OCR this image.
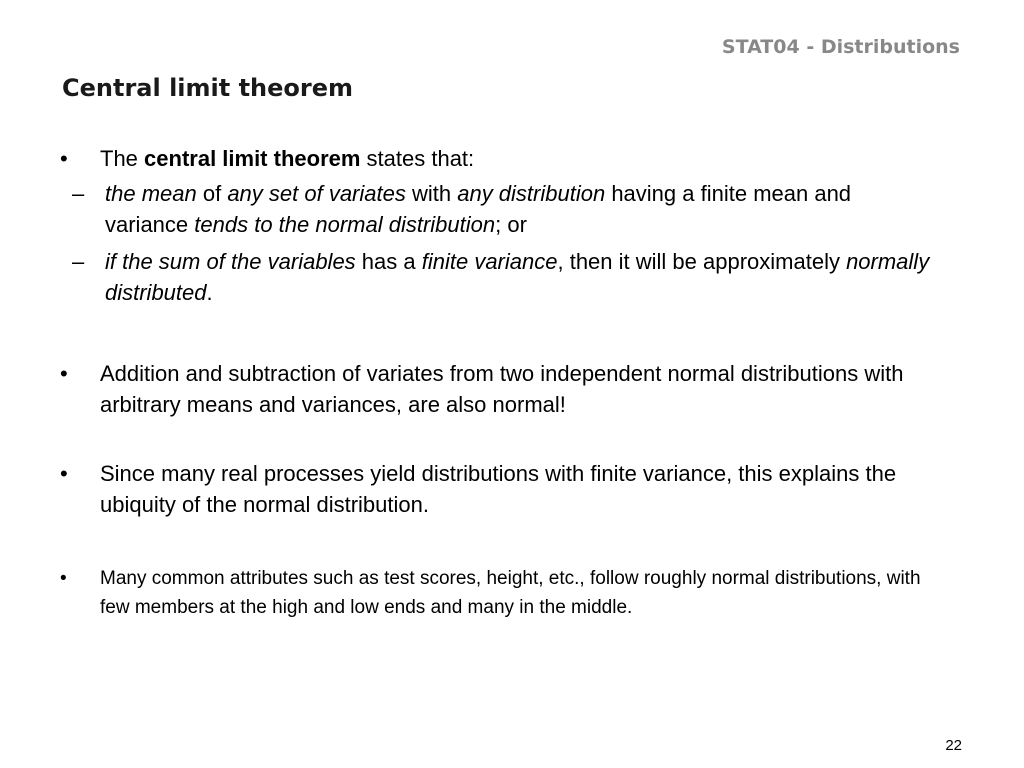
STAT04 - Distributions
Central limit theorem
• The central limit theorem states that:
– the mean of any set of variates with any distribution having a finite mean and variance tends to the normal distribution; or
– if the sum of the variables has a finite variance, then it will be approximately normally distributed.
• Addition and subtraction of variates from two independent normal distributions with arbitrary means and variances, are also normal!
• Since many real processes yield distributions with finite variance, this explains the ubiquity of the normal distribution.
• Many common attributes such as test scores, height, etc., follow roughly normal distributions, with few members at the high and low ends and many in the middle.
22
